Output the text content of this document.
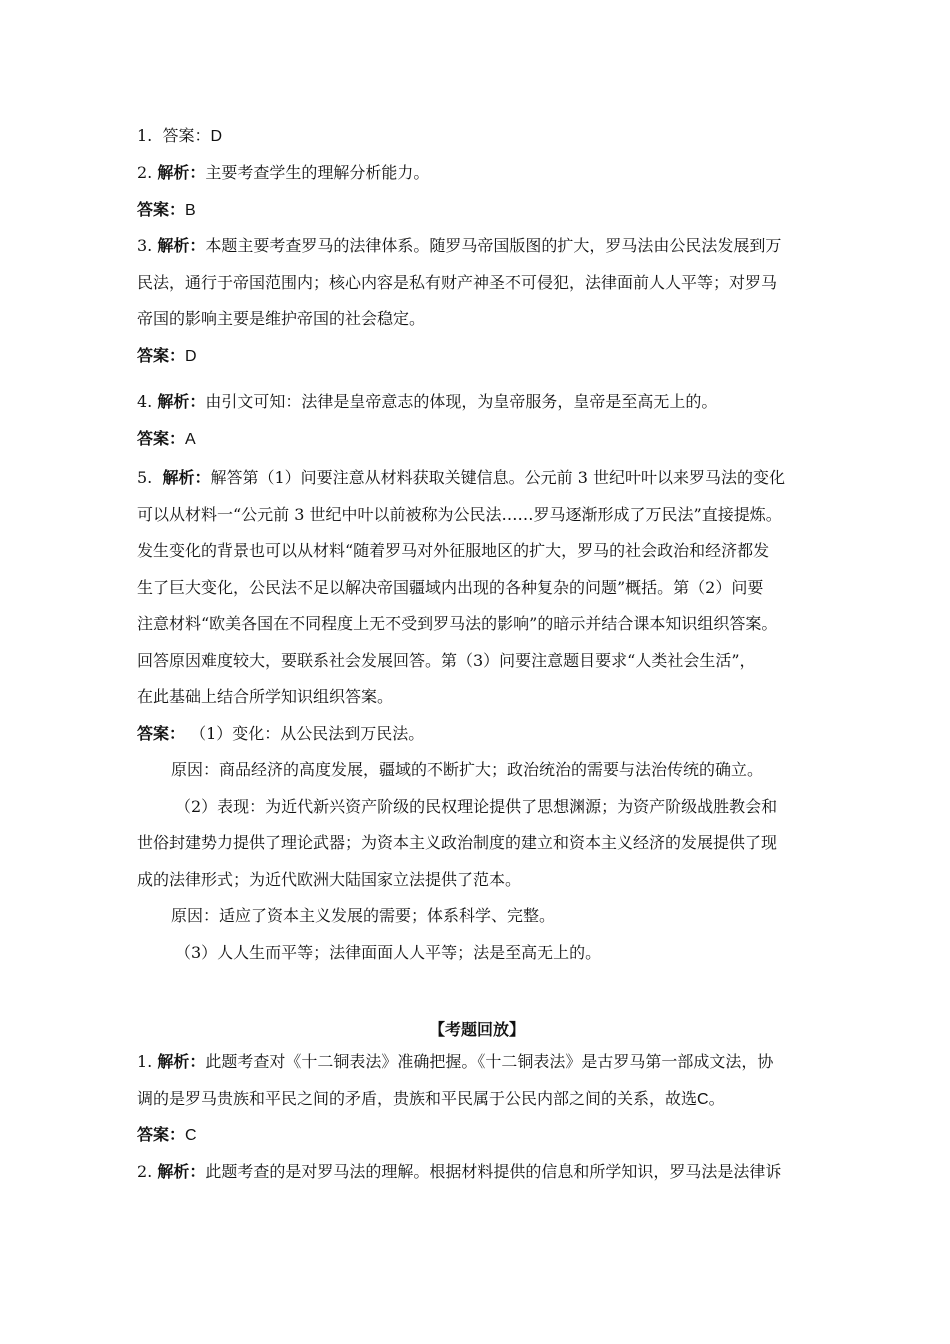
1. 答案：D
2. 解析：主要考查学生的理解分析能力。
答案：B
3. 解析：本题主要考查罗马的法律体系。随罗马帝国版图的扩大，罗马法由公民法发展到万
民法，通行于帝国范围内；核心内容是私有财产神圣不可侵犯，法律面前人人平等；对罗马
帝国的影响主要是维护帝国的社会稳定。
答案：D
4. 解析：由引文可知：法律是皇帝意志的体现，为皇帝服务，皇帝是至高无上的。
答案：A
5. 解析：解答第（1）问要注意从材料获取关键信息。公元前 3 世纪叶叶以来罗马法的变化
可以从材料一“公元前 3 世纪中叶以前被称为公民法……罗马逐渐形成了万民法”直接提炼。
发生变化的背景也可以从材料“随着罗马对外征服地区的扩大，罗马的社会政治和经济都发
生了巨大变化，公民法不足以解决帝国疆域内出现的各种复杂的问题”概括。第（2）问要
注意材料“欧美各国在不同程度上无不受到罗马法的影响”的暗示并结合课本知识组织答案。
回答原因难度较大，要联系社会发展回答。第（3）问要注意题目要求“人类社会生活”，
在此基础上结合所学知识组织答案。
答案： （1）变化：从公民法到万民法。
原因：商品经济的高度发展，疆域的不断扩大；政治统治的需要与法治传统的确立。
（2）表现：为近代新兴资产阶级的民权理论提供了思想渊源；为资产阶级战胜教会和
世俗封建势力提供了理论武器；为资本主义政治制度的建立和资本主义经济的发展提供了现
成的法律形式；为近代欧洲大陆国家立法提供了范本。
原因：适应了资本主义发展的需要；体系科学、完整。
（3）人人生而平等；法律面面人人平等；法是至高无上的。
【考题回放】
1. 解析：此题考查对《十二铜表法》准确把握。《十二铜表法》是古罗马第一部成文法，协
调的是罗马贵族和平民之间的矛盾，贵族和平民属于公民内部之间的关系，故选C。
答案：C
2. 解析：此题考查的是对罗马法的理解。根据材料提供的信息和所学知识，罗马法是法律诉
